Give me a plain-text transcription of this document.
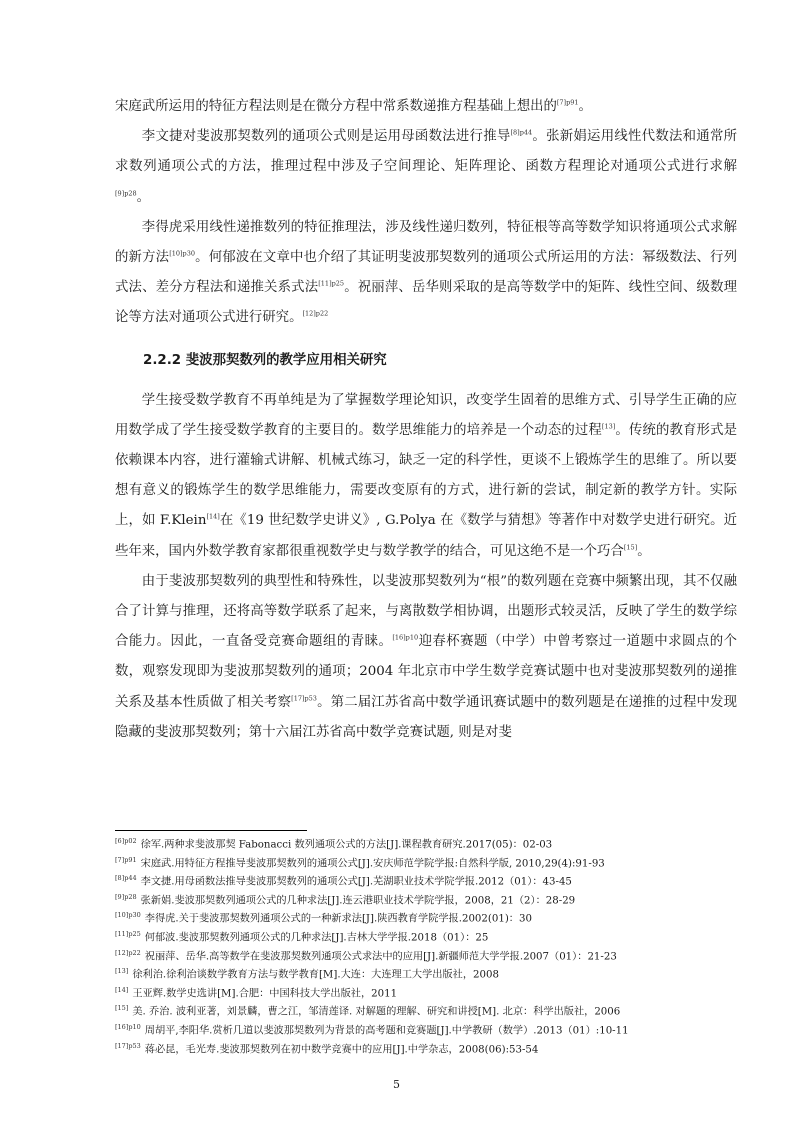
宋庭武所运用的特征方程法则是在微分方程中常系数递推方程基础上想出的$^{[7]p91}$。

李文捷对斐波那契数列的通项公式则是运用母函数法进行推导$^{[8]p44}$。张新娟运用线性代数法和通常所求数列通项公式的方法，推理过程中涉及子空间理论、矩阵理论、函数方程理论对通项公式进行求解$^{[9]p28}$。

李得虎采用线性递推数列的特征推理法，涉及线性递归数列，特征根等高等数学知识将通项公式求解的新方法$^{[10]p30}$。何郁波在文章中也介绍了其证明斐波那契数列的通项公式所运用的方法：幂级数法、行列式法、差分方程法和递推关系式法$^{[11]p25}$。祝丽萍、岳华则采取的是高等数学中的矩阵、线性空间、级数理论等方法对通项公式进行研究。$^{[12]p22}$

2.2.2 斐波那契数列的教学应用相关研究

学生接受数学教育不再单纯是为了掌握数学理论知识，改变学生固着的思维方式、引导学生正确的应用数学成了学生接受数学教育的主要目的。数学思维能力的培养是一个动态的过程[13]。传统的教育形式是依赖课本内容，进行灌输式讲解、机械式练习，缺乏一定的科学性，更谈不上锻炼学生的思维了。所以要想有意义的锻炼学生的数学思维能力，需要改变原有的方式，进行新的尝试，制定新的教学方针。实际上，如 F.Klein[14]在《19 世纪数学史讲义》, G.Polya 在《数学与猜想》等著作中对数学史进行研究。近些年来，国内外数学教育家都很重视数学史与数学教学的结合，可见这绝不是一个巧合[15]。

由于斐波那契数列的典型性和特殊性，以斐波那契数列为“根”的数列题在竞赛中频繁出现，其不仅融合了计算与推理，还将高等数学联系了起来，与离散数学相协调，出题形式较灵活，反映了学生的数学综合能力。因此，一直备受竞赛命题组的青睐。$^{[16]p10}$迎春杯赛题（中学）中曾考察过一道题中求圆点的个数，观察发现即为斐波那契数列的通项；2004 年北京市中学生数学竞赛试题中也对斐波那契数列的递推关系及基本性质做了相关考察$^{[17]p53}$。第二届江苏省高中数学通讯赛试题中的数列题是在递推的过程中发现隐藏的斐波那契数列；第十六届江苏省高中数学竞赛试题, 则是对斐

$^{[6]p02}$ 徐军.两种求斐波那契 Fabonacci 数列通项公式的方法[J].课程教育研究.2017(05)：02-03
$^{[7]p91}$ 宋庭武.用特征方程推导斐波那契数列的通项公式[J].安庆师范学院学报:自然科学版, 2010,29(4):91-93
$^{[8]p44}$ 李文捷.用母函数法推导斐波那契数列的通项公式[J].芜湖职业技术学院学报.2012（01）：43-45
$^{[9]p28}$ 张新娟.斐波那契数列通项公式的几种求法[J].连云港职业技术学院学报，2008，21（2）：28-29
$^{[10]p30}$ 李得虎.关于斐波那契数列通项公式的一种新求法[J].陕西教育学院学报.2002(01)：30
$^{[11]p25}$ 何郁波.斐波那契数列通项公式的几种求法[J].吉林大学学报.2018（01）：25
$^{[12]p22}$ 祝丽萍、岳华.高等数学在斐波那契数列通项公式求法中的应用[J].新疆师范大学学报.2007（01）：21-23
[13] 徐利治.徐利治谈数学教育方法与数学教育[M].大连：大连理工大学出版社，2008
[14] 王亚辉.数学史选讲[M].合肥：中国科技大学出版社，2011
[15] 美. 乔治. 波利亚著，刘景麟，曹之江，邹清莲译. 对解题的理解、研究和讲授[M]. 北京：科学出版社，2006
$^{[16]p10}$ 周胡平,李阳华.赏析几道以斐波那契数列为背景的高考题和竞赛题[J].中学教研（数学）.2013（01）:10-11
$^{[17]p53}$ 蒋必昆，毛光寿.斐波那契数列在初中数学竞赛中的应用[J].中学杂志，2008(06):53-54
5
